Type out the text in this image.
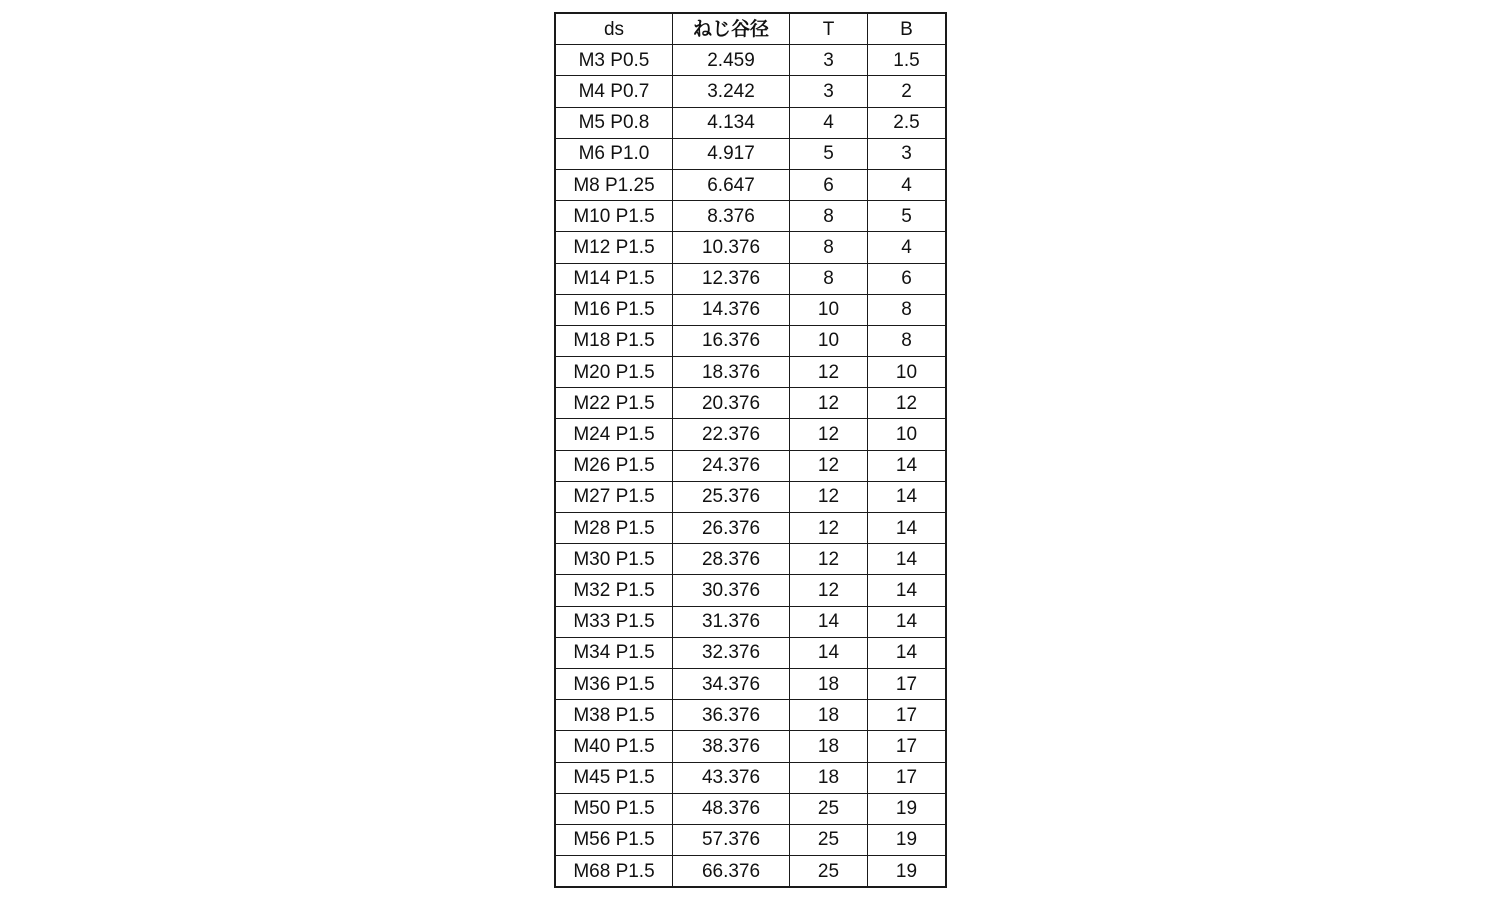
ds	ねじ谷径	T	B
M3 P0.5	2.459	3	1.5
M4 P0.7	3.242	3	2
M5 P0.8	4.134	4	2.5
M6 P1.0	4.917	5	3
M8 P1.25	6.647	6	4
M10 P1.5	8.376	8	5
M12 P1.5	10.376	8	4
M14 P1.5	12.376	8	6
M16 P1.5	14.376	10	8
M18 P1.5	16.376	10	8
M20 P1.5	18.376	12	10
M22 P1.5	20.376	12	12
M24 P1.5	22.376	12	10
M26 P1.5	24.376	12	14
M27 P1.5	25.376	12	14
M28 P1.5	26.376	12	14
M30 P1.5	28.376	12	14
M32 P1.5	30.376	12	14
M33 P1.5	31.376	14	14
M34 P1.5	32.376	14	14
M36 P1.5	34.376	18	17
M38 P1.5	36.376	18	17
M40 P1.5	38.376	18	17
M45 P1.5	43.376	18	17
M50 P1.5	48.376	25	19
M56 P1.5	57.376	25	19
M68 P1.5	66.376	25	19
